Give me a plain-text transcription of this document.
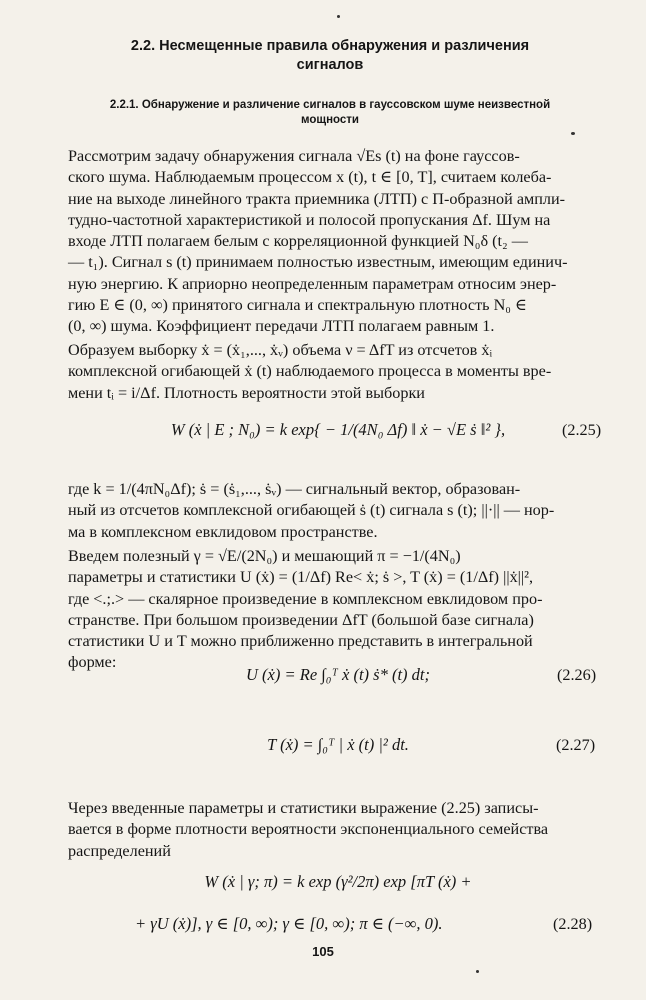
2.2. Несмещенные правила обнаружения и различения сигналов
2.2.1. Обнаружение и различение сигналов в гауссовском шуме неизвестной мощности
Рассмотрим задачу обнаружения сигнала √Es (t) на фоне гауссов-
ского шума. Наблюдаемым процессом x (t), t ∈ [0, T], считаем колеба-
ние на выходе линейного тракта приемника (ЛТП) с П-образной ампли-
тудно-частотной характеристикой и полосой пропускания Δf. Шум на
входе ЛТП полагаем белым с корреляционной функцией N₀δ (t₂ —
— t₁). Сигнал s (t) принимаем полностью известным, имеющим единич-
ную энергию. К априорно неопределенным параметрам относим энер-
гию E ∈ (0, ∞) принятого сигнала и спектральную плотность N₀ ∈
(0, ∞) шума. Коэффициент передачи ЛТП полагаем равным 1.
Образуем выборку ẋ = (ẋ₁,..., ẋᵥ) объема ν = ΔfT из отсчетов ẋᵢ
комплексной огибающей ẋ (t) наблюдаемого процесса в моменты вре-
мени tᵢ = i/Δf. Плотность вероятности этой выборки
W (ẋ | E ; N₀) = k exp{ − 1/(4N₀ Δf) ‖ ẋ − √E ṡ ‖² },	(2.25)
где k = 1/(4πN₀Δf); ṡ = (ṡ₁,..., ṡᵥ) — сигнальный вектор, образован-
ный из отсчетов комплексной огибающей ṡ (t) сигнала s (t); ||·|| — нор-
ма в комплексном евклидовом пространстве.
Введем полезный γ = √E/(2N₀) и мешающий π = −1/(4N₀)
параметры и статистики U (ẋ) = (1/Δf) Re< ẋ; ṡ >, T (ẋ) = (1/Δf) ||ẋ||²,
где <.;.> — скалярное произведение в комплексном евклидовом про-
странстве. При большом произведении ΔfT (большой базе сигнала)
статистики U и T можно приближенно представить в интегральной
форме:
U (ẋ) = Re ∫₀ᵀ ẋ (t) ṡ* (t) dt;	(2.26)
T (ẋ) = ∫₀ᵀ | ẋ (t) |² dt.	(2.27)
Через введенные параметры и статистики выражение (2.25) записы-
вается в форме плотности вероятности экспоненциального семейства
распределений
W (ẋ | γ; π) = k exp (γ²/2π) exp [πT (ẋ) +
+ γU (ẋ)], γ ∈ [0, ∞); γ ∈ [0, ∞); π ∈ (−∞, 0).	(2.28)
105
